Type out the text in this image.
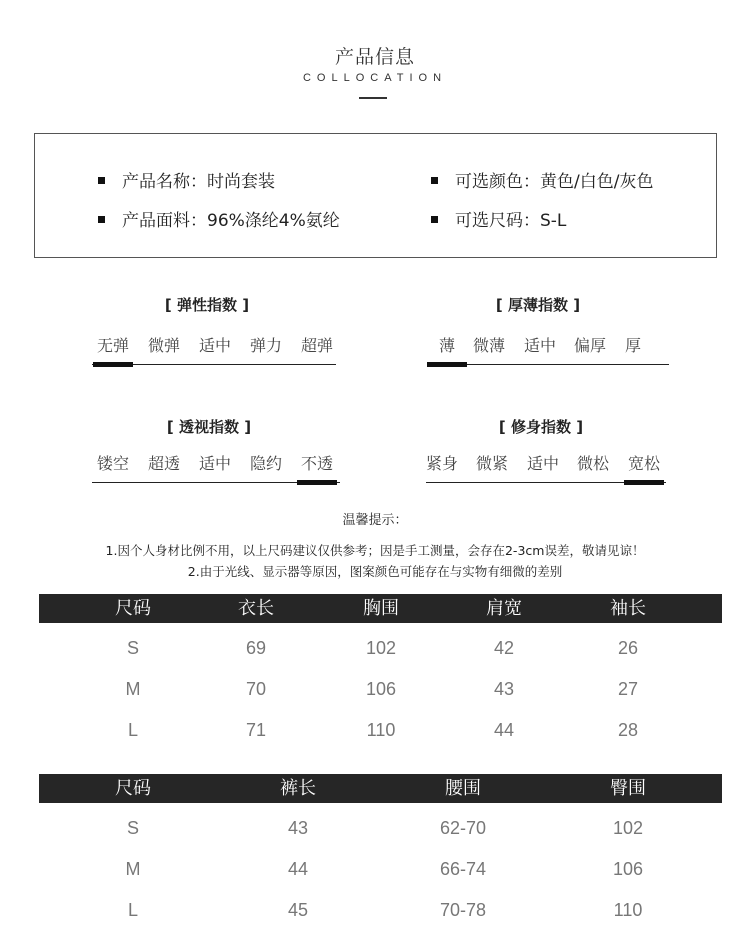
产品信息
COLLOCATION
产品名称：时尚套装
产品面料：96%涤纶4%氨纶
可选颜色：黄色/白色/灰色
可选尺码：S-L
[ 弹性指数 ]
无弹 微弹 适中 弹力 超弹
[ 厚薄指数 ]
薄 微薄 适中 偏厚 厚
[ 透视指数 ]
镂空 超透 适中 隐约 不透
[ 修身指数 ]
紧身 微紧 适中 微松 宽松
温馨提示：
1.因个人身材比例不用，以上尺码建议仅供参考；因是手工测量，会存在2-3cm误差，敬请见谅！
2.由于光线、显示器等原因，图案颜色可能存在与实物有细微的差别
尺码	衣长	胸围	肩宽	袖长
S	69	102	42	26
M	70	106	43	27
L	71	110	44	28
尺码	裤长	腰围	臀围
S	43	62-70	102
M	44	66-74	106
L	45	70-78	110
